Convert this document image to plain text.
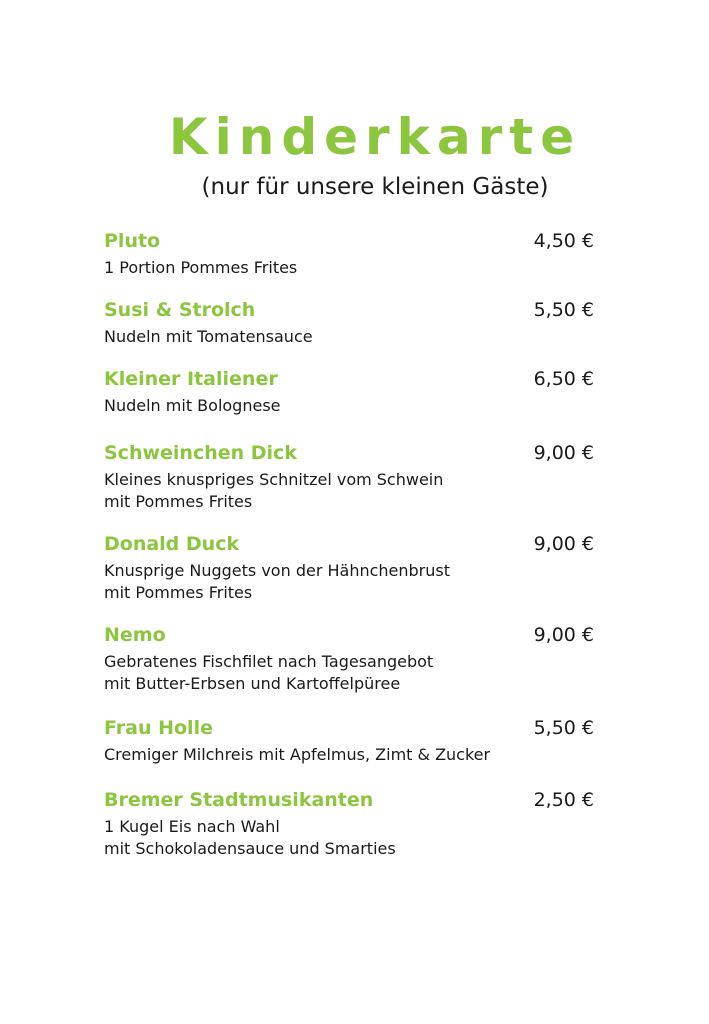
Kinderkarte
(nur für unsere kleinen Gäste)
Pluto	4,50 €
1 Portion Pommes Frites
Susi & Strolch	5,50 €
Nudeln mit Tomatensauce
Kleiner Italiener	6,50 €
Nudeln mit Bolognese
Schweinchen Dick	9,00 €
Kleines knuspriges Schnitzel vom Schwein
mit Pommes Frites
Donald Duck	9,00 €
Knusprige Nuggets von der Hähnchenbrust
mit Pommes Frites
Nemo	9,00 €
Gebratenes Fischfilet nach Tagesangebot
mit Butter-Erbsen und Kartoffelpüree
Frau Holle	5,50 €
Cremiger Milchreis mit Apfelmus, Zimt & Zucker
Bremer Stadtmusikanten	2,50 €
1 Kugel Eis nach Wahl
mit Schokoladensauce und Smarties
